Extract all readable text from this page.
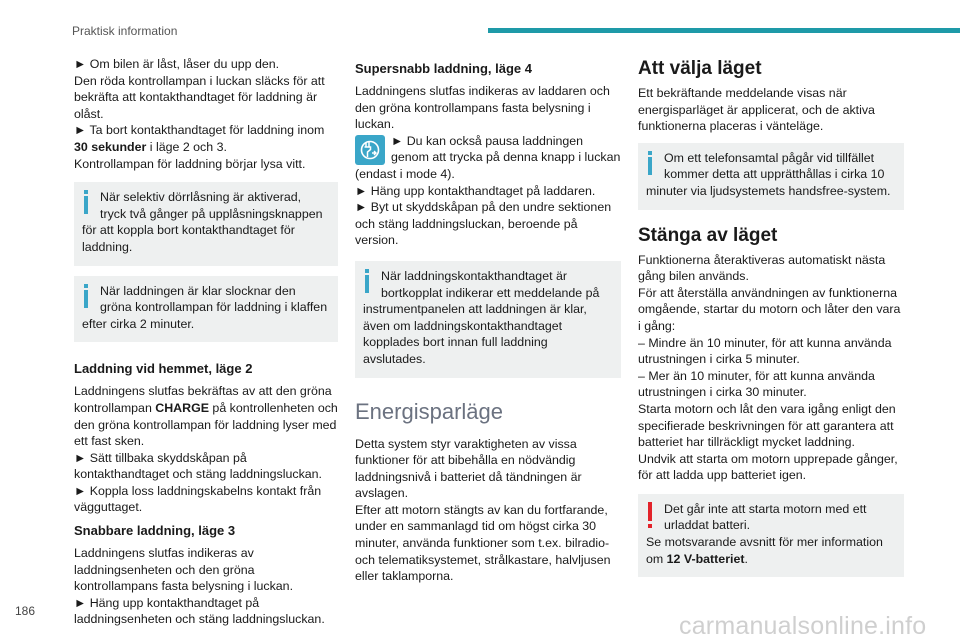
Praktisk information
► Om bilen är låst, låser du upp den.
Den röda kontrollampan i luckan släcks för att bekräfta att kontakthandtaget för laddning är olåst.
► Ta bort kontakthandtaget för laddning inom
30 sekunder i läge 2 och 3.
Kontrollampan för laddning börjar lysa vitt.
När selektiv dörrlåsning är aktiverad,
tryck två gånger på upplåsningsknappen
för att koppla bort kontakthandtaget för laddning.
När laddningen är klar slocknar den
gröna kontrollampan för laddning i klaffen
efter cirka 2 minuter.
Laddning vid hemmet, läge 2
Laddningens slutfas bekräftas av att den gröna kontrollampan CHARGE på kontrollenheten och den gröna kontrollampan för laddning lyser med ett fast sken.
► Sätt tillbaka skyddskåpan på kontakthandtaget och stäng laddningsluckan.
► Koppla loss laddningskabelns kontakt från vägguttaget.
Snabbare laddning, läge 3
Laddningens slutfas indikeras av laddningsenheten och den gröna kontrollampans fasta belysning i luckan.
► Häng upp kontakthandtaget på laddningsenheten och stäng laddningsluckan.
Supersnabb laddning, läge 4
Laddningens slutfas indikeras av laddaren och den gröna kontrollampans fasta belysning i luckan.
► Du kan också pausa laddningen
genom att trycka på denna knapp i luckan
(endast i mode 4).
► Häng upp kontakthandtaget på laddaren.
► Byt ut skyddskåpan på den undre sektionen och stäng laddningsluckan, beroende på version.
När laddningskontakthandtaget är
bortkopplat indikerar ett meddelande på
instrumentpanelen att laddningen är klar, även om laddningskontakthandtaget kopplades bort innan full laddning avslutades.
Energisparläge
Detta system styr varaktigheten av vissa funktioner för att bibehålla en nödvändig laddningsnivå i batteriet då tändningen är avslagen.
Efter att motorn stängts av kan du fortfarande, under en sammanlagd tid om högst cirka 30 minuter, använda funktioner som t.ex. bilradio- och telematiksystemet, strålkastare, halvljusen eller taklamporna.
Att välja läget
Ett bekräftande meddelande visas när energisparläget är applicerat, och de aktiva funktionerna placeras i vänteläge.
Om ett telefonsamtal pågår vid tillfället
kommer detta att upprätthållas i cirka 10
minuter via ljudsystemets handsfree-system.
Stänga av läget
Funktionerna återaktiveras automatiskt nästa gång bilen används.
För att återställa användningen av funktionerna omgående, startar du motorn och låter den vara i gång:
– Mindre än 10 minuter, för att kunna använda utrustningen i cirka 5 minuter.
– Mer än 10 minuter, för att kunna använda utrustningen i cirka 30 minuter.
Starta motorn och låt den vara igång enligt den specifierade beskrivningen för att garantera att batteriet har tillräckligt mycket laddning.
Undvik att starta om motorn upprepade gånger, för att ladda upp batteriet igen.
Det går inte att starta motorn med ett
urladdat batteri.
Se motsvarande avsnitt för mer information om 12 V-batteriet.
186
carmanualsonline.info
